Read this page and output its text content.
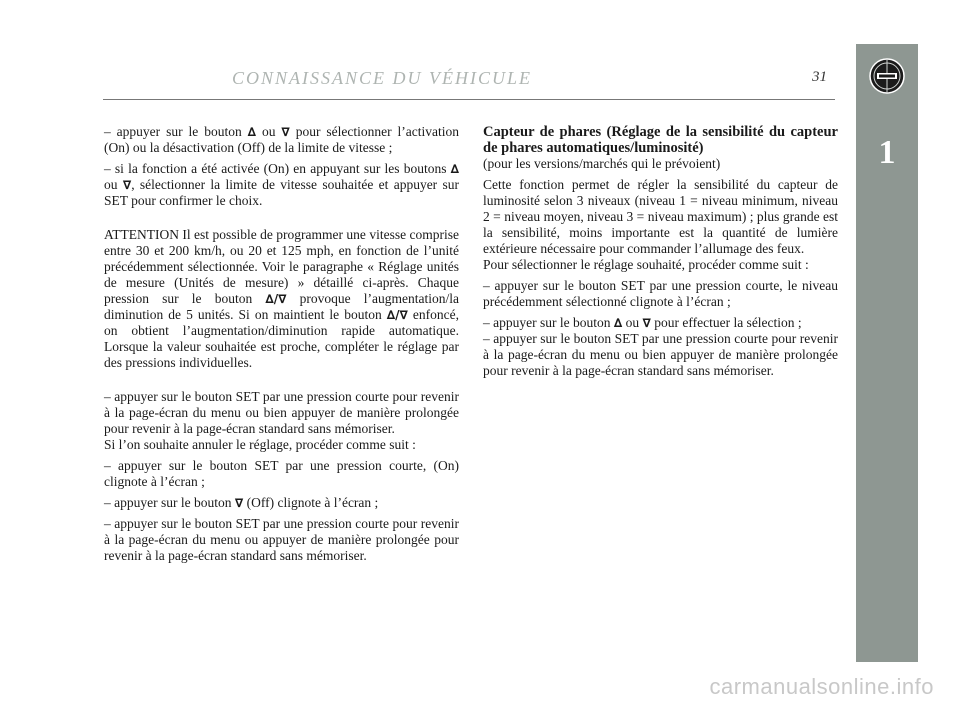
1
CONNAISSANCE DU VÉHICULE	31

– appuyer sur le bouton ∆ ou ∇ pour sélectionner l’activation (On) ou la désactivation (Off) de la limite de vitesse ;

– si la fonction a été activée (On) en appuyant sur les boutons ∆ ou ∇, sélectionner la limite de vitesse souhaitée et appuyer sur SET pour confirmer le choix.

ATTENTION Il est possible de programmer une vitesse comprise entre 30 et 200 km/h, ou 20 et 125 mph, en fonction de l’unité précédemment sélectionnée. Voir le paragraphe « Réglage unités de mesure (Unités de mesure) » détaillé ci-après. Chaque pression sur le bouton ∆/∇ provoque l’augmentation/la diminution de 5 unités. Si on maintient le bouton ∆/∇ enfoncé, on obtient l’augmentation/diminution rapide automatique. Lorsque la valeur souhaitée est proche, compléter le réglage par des pressions individuelles.

– appuyer sur le bouton SET par une pression courte pour revenir à la page-écran du menu ou bien appuyer de manière prolongée pour revenir à la page-écran standard sans mémoriser.

Si l’on souhaite annuler le réglage, procéder comme suit :

– appuyer sur le bouton SET par une pression courte, (On) clignote à l’écran ;

– appuyer sur le bouton ∇ (Off) clignote à l’écran ;

– appuyer sur le bouton SET par une pression courte pour revenir à la page-écran du menu ou appuyer de manière prolongée pour revenir à la page-écran standard sans mémoriser.

Capteur de phares (Réglage de la sensibilité du capteur de phares automatiques/luminosité)

(pour les versions/marchés qui le prévoient)

Cette fonction permet de régler la sensibilité du capteur de luminosité selon 3 niveaux (niveau 1 = niveau minimum, niveau 2 = niveau moyen, niveau 3 = niveau maximum) ; plus grande est la sensibilité, moins importante est la quantité de lumière extérieure nécessaire pour commander l’allumage des feux.

Pour sélectionner le réglage souhaité, procéder comme suit :

– appuyer sur le bouton SET par une pression courte, le niveau précédemment sélectionné clignote à l’écran ;

– appuyer sur le bouton ∆ ou ∇ pour effectuer la sélection ;

– appuyer sur le bouton SET par une pression courte pour revenir à la page-écran du menu ou bien appuyer de manière prolongée pour revenir à la page-écran standard sans mémoriser.

carmanualsonline.info
